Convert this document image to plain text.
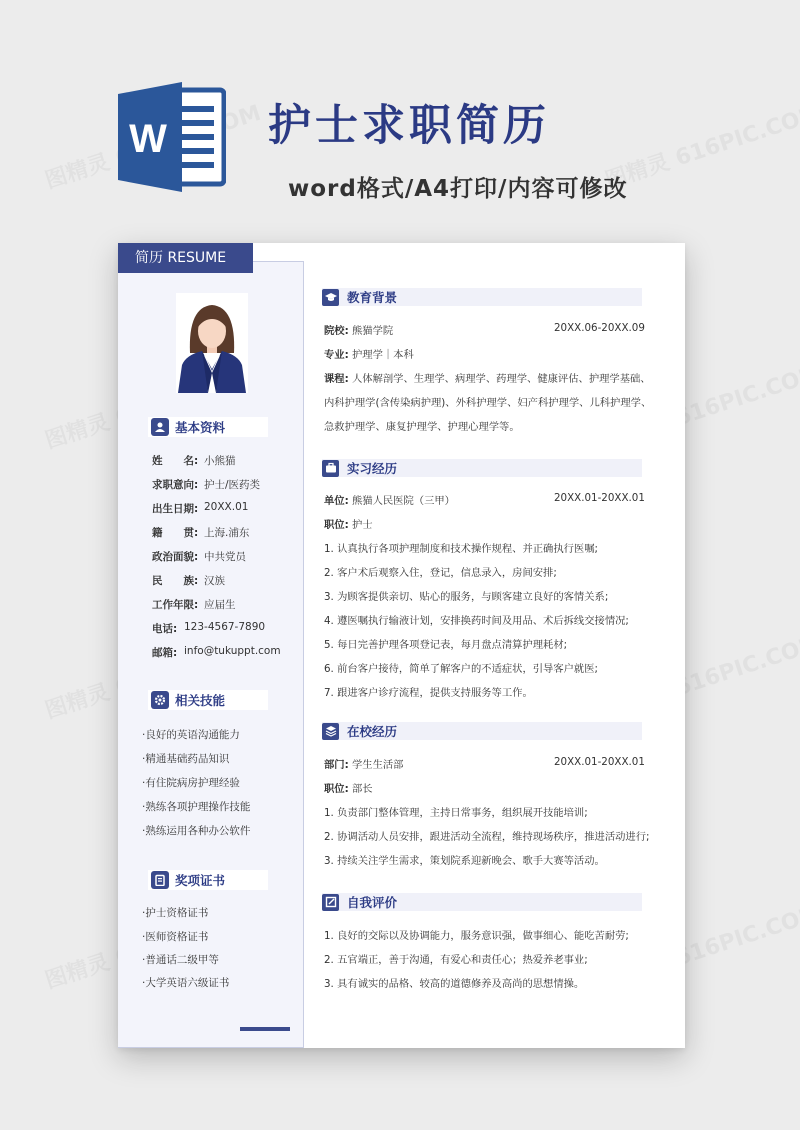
W 护士求职简历
word格式/A4打印/内容可修改
简历 RESUME
基本资料
姓　　名: 小熊猫
求职意向: 护士/医药类
出生日期: 20XX.01
籍　　贯: 上海.浦东
政治面貌: 中共党员
民　　族: 汉族
工作年限: 应届生
电话: 123-4567-7890
邮箱: info@tukuppt.com
相关技能
·良好的英语沟通能力
·精通基础药品知识
·有住院病房护理经验
·熟练各项护理操作技能
·熟练运用各种办公软件
奖项证书
·护士资格证书
·医师资格证书
·普通话二级甲等
·大学英语六级证书
教育背景
院校: 熊猫学院	20XX.06-20XX.09
专业: 护理学｜本科
课程: 人体解剖学、生理学、病理学、药理学、健康评估、护理学基础、
内科护理学(含传染病护理)、外科护理学、妇产科护理学、儿科护理学、
急救护理学、康复护理学、护理心理学等。
实习经历
单位: 熊猫人民医院（三甲）	20XX.01-20XX.01
职位: 护士
1. 认真执行各项护理制度和技术操作规程、并正确执行医嘱;
2. 客户术后观察入住，登记，信息录入，房间安排;
3. 为顾客提供亲切、贴心的服务，与顾客建立良好的客情关系;
4. 遵医嘱执行输液计划，安排换药时间及用品、术后拆线交接情况;
5. 每日完善护理各项登记表，每月盘点清算护理耗材;
6. 前台客户接待，简单了解客户的不适症状，引导客户就医;
7. 跟进客户诊疗流程，提供支持服务等工作。
在校经历
部门: 学生生活部	20XX.01-20XX.01
职位: 部长
1. 负责部门整体管理，主持日常事务，组织展开技能培训;
2. 协调活动人员安排，跟进活动全流程，维持现场秩序，推进活动进行;
3. 持续关注学生需求，策划院系迎新晚会、歌手大赛等活动。
自我评价
1. 良好的交际以及协调能力，服务意识强，做事细心、能吃苦耐劳;
2. 五官端正，善于沟通，有爱心和责任心；热爱养老事业;
3. 具有诚实的品格、较高的道德修养及高尚的思想情操。
